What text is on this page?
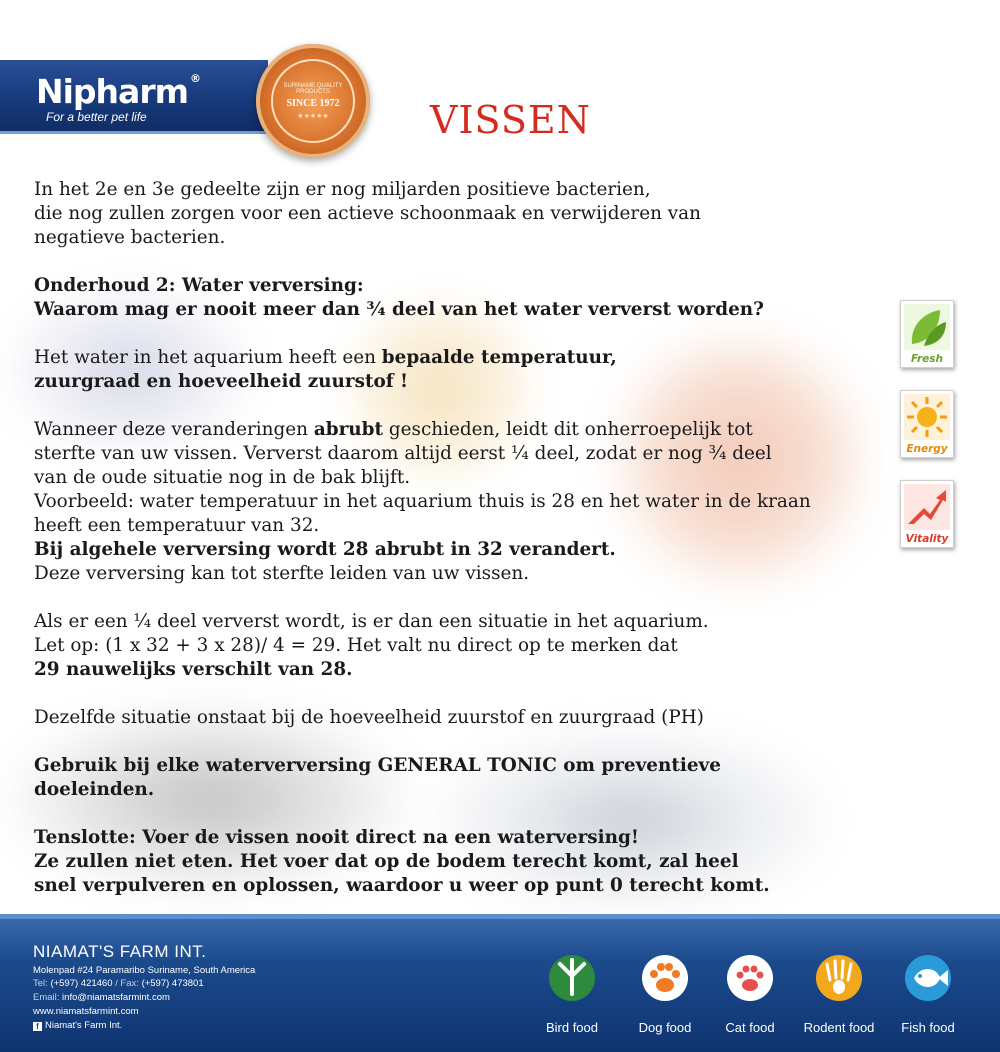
Nipharm ®
For a better pet life
SURINAME QUALITY PRODUCTS
SINCE 1972
★★★★★	VISSEN

In het 2e en 3e gedeelte zijn er nog miljarden positieve bacterien,
die nog zullen zorgen voor een actieve schoonmaak en verwijderen van
negatieve bacterien.

Onderhoud 2: Water verversing:
Waarom mag er nooit meer dan ¾ deel van het water ververst worden?

Het water in het aquarium heeft een bepaalde temperatuur,
zuurgraad en hoeveelheid zuurstof !

Wanneer deze veranderingen abrubt geschieden, leidt dit onherroepelijk tot
sterfte van uw vissen. Ververst daarom altijd eerst ¼ deel, zodat er nog ¾ deel
van de oude situatie nog in de bak blijft.
Voorbeeld: water temperatuur in het aquarium thuis is 28 en het water in de kraan
heeft een temperatuur van 32.
Bij algehele verversing wordt 28 abrubt in 32 verandert.
Deze verversing kan tot sterfte leiden van uw vissen.

Als er een ¼ deel ververst wordt, is er dan een situatie in het aquarium.
Let op: (1 x 32 + 3 x 28)/ 4 = 29. Het valt nu direct op te merken dat
29 nauwelijks verschilt van 28.

Dezelfde situatie onstaat bij de hoeveelheid zuurstof en zuurgraad (PH)

Gebruik bij elke waterverversing GENERAL TONIC om preventieve
doeleinden.

Tenslotte: Voer de vissen nooit direct na een waterversing!
Ze zullen niet eten. Het voer dat op de bodem terecht komt, zal heel
snel verpulveren en oplossen, waardoor u weer op punt 0 terecht komt.

Fresh
Energy
Vitality
NIAMAT'S FARM INT.
Molenpad #24 Paramaribo Suriname, South America
Tel: (+597) 421460 / Fax: (+597) 473801
Email: info@niamatsfarmint.com
www.niamatsfarmint.com
f Niamat's Farm Int.	Bird food	Dog food	Cat food	Rodent food	Fish food
